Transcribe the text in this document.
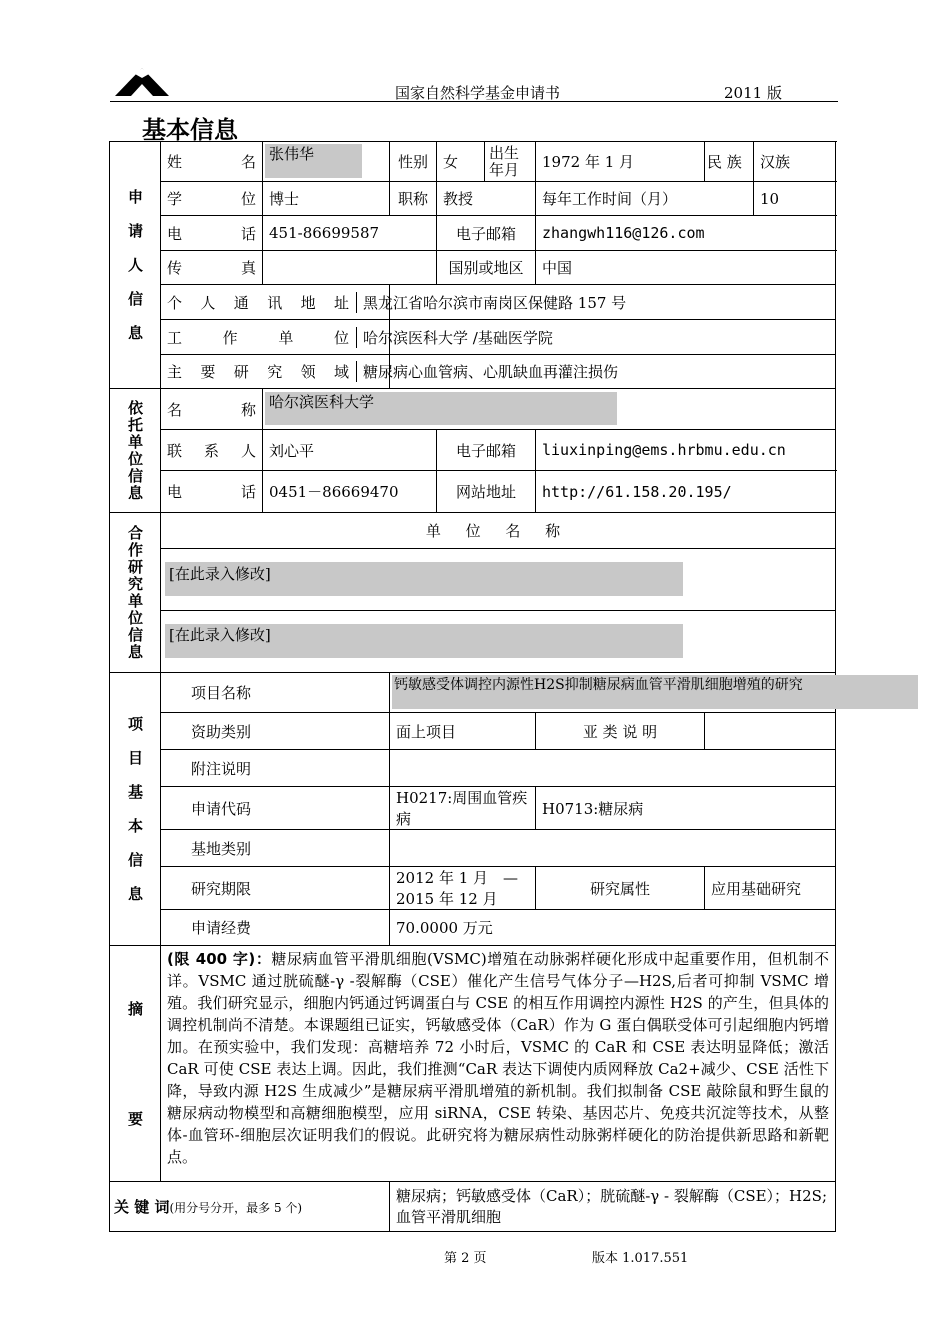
国家自然科学基金申请书	2011 版
基本信息
申请人信息	姓　　名	张伟华	性别	女	出生年月	1972 年 1 月	民 族	汉族
	学　　位	博士	职称	教授		每年工作时间（月）		10
	电　　话	451-86699587		电子邮箱		zhangwh116@126.com		
	传　　真			国别或地区		中国		
	个人通讯地址		黑龙江省哈尔滨市南岗区保健路 157 号					
	工作单位		哈尔滨医科大学 /基础医学院					
	主要研究领域		糖尿病心血管病、心肌缺血再灌注损伤					

依托单位信息	名　　称	哈尔滨医科大学						

	联 系 人	刘心平		电子邮箱		liuxinping@ems.hrbmu.edu.cn		
	电　　话	0451－86669470		网站地址		http://61.158.20.195/		

合作研究单位信息	单 位 名 称							

	[在此录入修改]							

	[在此录入修改]							

项目基本信息	项目名称		钙敏感受体调控内源性H2S抑制糖尿病血管平滑肌细胞增殖的研究					

	资助类别		面上项目			亚 类 说 明		
	附注说明							
	申请代码		H0217:周围血管疾病			H0713:糖尿病		
	基地类别							
	研究期限		2012 年 1 月　—　2015 年 12 月			研究属性	应用基础研究	
	申请经费		70.0000 万元					

摘　要	(限 400 字)：糖尿病血管平滑肌细胞(VSMC)增殖在动脉粥样硬化形成中起重要作用，但机制不详。VSMC 通过胱硫醚-γ -裂解酶（CSE）催化产生信号气体分子—H2S,后者可抑制 VSMC 增殖。我们研究显示，细胞内钙通过钙调蛋白与 CSE 的相互作用调控内源性 H2S 的产生，但具体的调控机制尚不清楚。本课题组已证实，钙敏感受体（CaR）作为 G 蛋白偶联受体可引起细胞内钙增加。在预实验中，我们发现：高糖培养 72 小时后，VSMC 的 CaR 和 CSE 表达明显降低；激活 CaR 可使 CSE 表达上调。因此，我们推测“CaR 表达下调使内质网释放 Ca2+减少、CSE 活性下降，导致内源 H2S 生成减少”是糖尿病平滑肌增殖的新机制。我们拟制备 CSE 敲除鼠和野生鼠的糖尿病动物模型和高糖细胞模型，应用 siRNA，CSE 转染、基因芯片、免疫共沉淀等技术，从整体-血管环-细胞层次证明我们的假说。此研究将为糖尿病性动脉粥样硬化的防治提供新思路和新靶点。							
关 键 词(用分号分开，最多 5 个)			糖尿病；钙敏感受体（CaR）；胱硫醚-γ - 裂解酶（CSE）；H2S;血管平滑肌细胞					
第 2 页	版本 1.017.551
